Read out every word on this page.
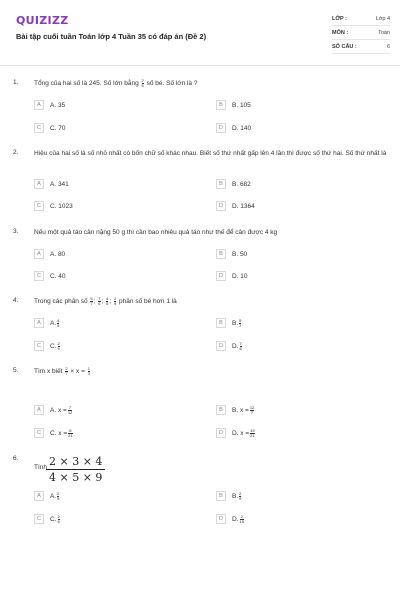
QUIZIZZ
Bài tập cuối tuần Toán lớp 4 Tuần 35 có đáp án (Đề 2)
LỚP :	Lớp 4
MÔN :	Toán
SỐ CÂU :	6
1. Tổng của hai số là 245. Số lớn bằng $\frac{2}{5}$ số bé. Số lớn là ?
A	A. 35	B	B. 105
C	C. 70	D	D. 140
2. Hiệu của hai số là số nhỏ nhất có bốn chữ số khác nhau. Biết số thứ nhất gấp lên 4 lần thì được số thứ hai. Số thứ nhất là
A	A. 341	B	B. 682
C	C. 1023	D	D. 1364
3. Nếu một quả táo cân nặng 50 g thì cần bao nhiêu quả táo như thế để cân được 4 kg
A	A. 80	B	B. 50
C	C. 40	D	D. 10
4. Trong các phân số $\frac{5}{7}$ ; $\frac{7}{6}$ ; $\frac{4}{5}$ ; $\frac{2}{9}$ phân số bé hơn 1 là
A	A. $\frac{4}{5}$	B	B. $\frac{5}{7}$
C	C. $\frac{2}{9}$	D	D. $\frac{7}{6}$
5. Tìm x biết $\frac{2}{7} \times x = \frac{1}{3}$
A	A. $x = \frac{7}{12}$	B	B. $x = \frac{12}{7}$
C	C. $x = \frac{6}{21}$	D	D. $x = \frac{19}{21}$
6.
Tính
$\frac{2 \times 3 \times 4}{4 \times 5 \times 9}$
A	A. $\frac{2}{5}$	B	B. $\frac{2}{9}$
C	C. $\frac{2}{6}$	D	D. $\frac{2}{15}$
